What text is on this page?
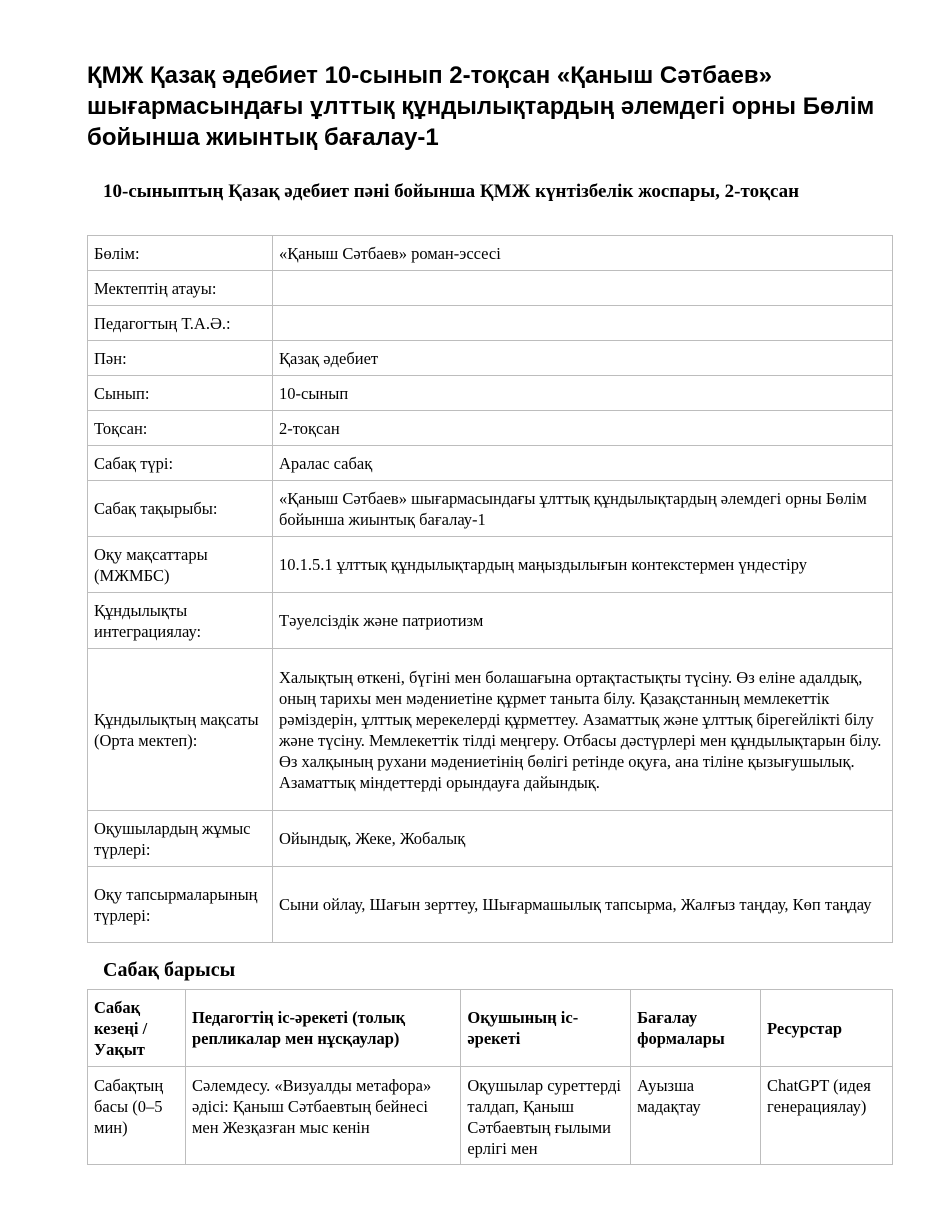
ҚМЖ Қазақ әдебиет 10-сынып 2-тоқсан «Қаныш Сәтбаев» шығармасындағы ұлттық құндылықтардың әлемдегі орны Бөлім бойынша жиынтық бағалау-1
10-сыныптың Қазақ әдебиет пәні бойынша ҚМЖ күнтізбелік жоспары, 2-тоқсан
Бөлім:	«Қаныш Сәтбаев» роман-эссесі
Мектептің атауы:	
Педагогтың Т.А.Ә.:	
Пән:	Қазақ әдебиет
Сынып:	10-сынып
Тоқсан:	2-тоқсан
Сабақ түрі:	Аралас сабақ
Сабақ тақырыбы:	«Қаныш Сәтбаев» шығармасындағы ұлттық құндылықтардың әлемдегі орны Бөлім бойынша жиынтық бағалау-1
Оқу мақсаттары (МЖМБС)	10.1.5.1 ұлттық құндылықтардың маңыздылығын контекстермен үндестіру
Құндылықты интеграциялау:	Тәуелсіздік және патриотизм
Құндылықтың мақсаты (Орта мектеп):	Халықтың өткені, бүгіні мен болашағына ортақтастықты түсіну. Өз еліне адалдық, оның тарихы мен мәдениетіне құрмет таныта білу. Қазақстанның мемлекеттік рәміздерін, ұлттық мерекелерді құрметтеу. Азаматтық және ұлттық бірегейлікті білу және түсіну. Мемлекеттік тілді меңгеру. Отбасы дәстүрлері мен құндылықтарын білу. Өз халқының рухани мәдениетінің бөлігі ретінде оқуға, ана тіліне қызығушылық. Азаматтық міндеттерді орындауға дайындық.
Оқушылардың жұмыс түрлері:	Ойындық, Жеке, Жобалық
Оқу тапсырмаларының түрлері:	Сыни ойлау, Шағын зерттеу, Шығармашылық тапсырма, Жалғыз таңдау, Көп таңдау
Сабақ барысы
Сабақ кезеңі / Уақыт	Педагогтің іс-әрекеті (толық репликалар мен нұсқаулар)	Оқушының іс-әрекеті	Бағалау формалары	Ресурстар
Сабақтың басы (0–5 мин)	Сәлемдесу. «Визуалды метафора» әдісі: Қаныш Сәтбаевтың бейнесі мен Жезқазған мыс кенін	Оқушылар суреттерді талдап, Қаныш Сәтбаевтың ғылыми ерлігі мен	Ауызша мадақтау	ChatGPT (идея генерациялау)
